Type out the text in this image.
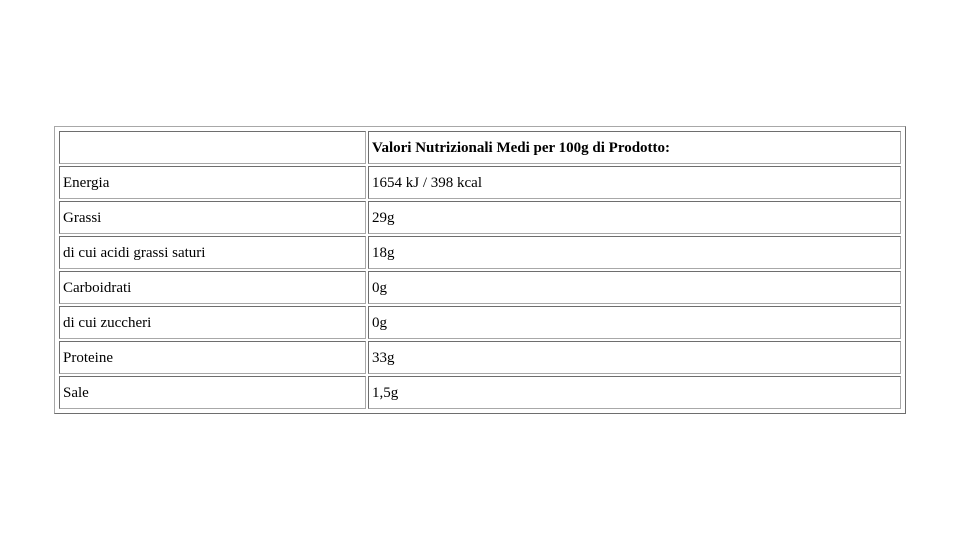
	Valori Nutrizionali Medi per 100g di Prodotto:
Energia	1654 kJ / 398 kcal
Grassi	29g
di cui acidi grassi saturi	18g
Carboidrati	0g
di cui zuccheri	0g
Proteine	33g
Sale	1,5g
